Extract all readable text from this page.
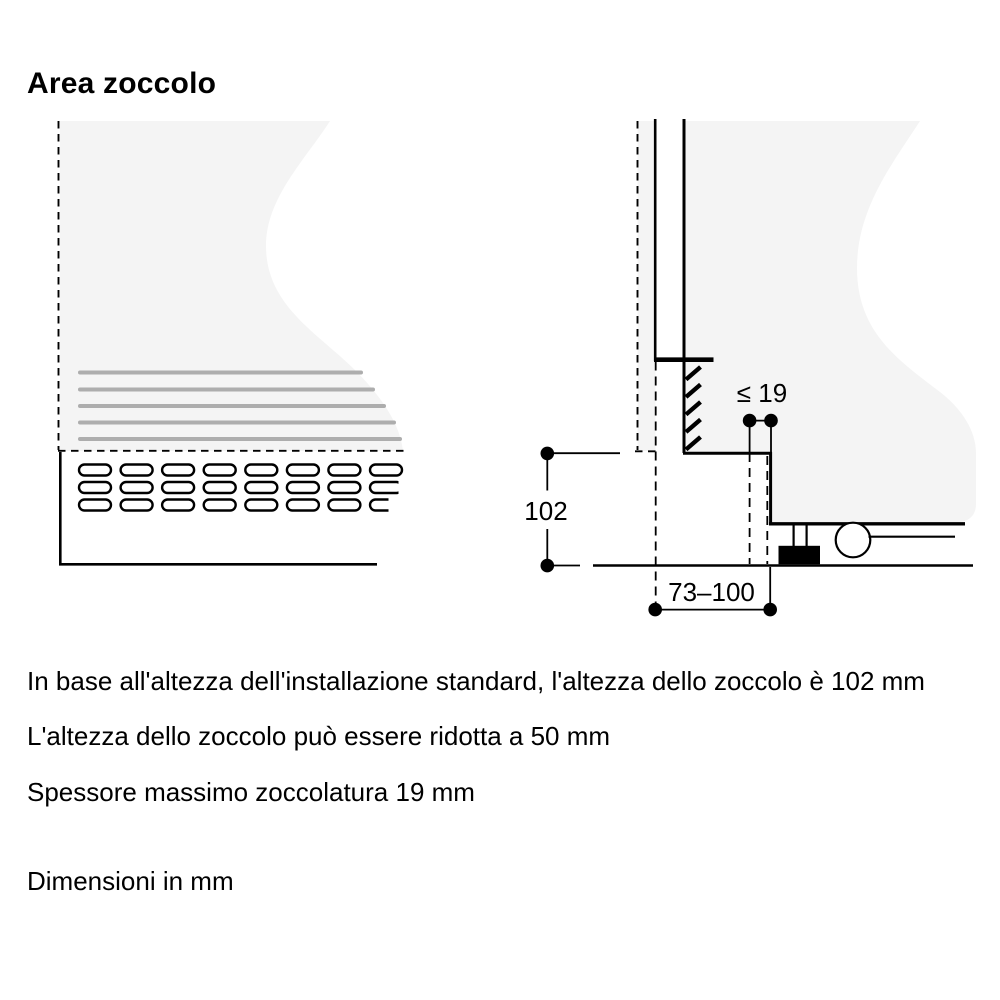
Area zoccolo
102
≤ 19
73–100
In base all'altezza dell'installazione standard, l'altezza dello zoccolo è 102 mm
L'altezza dello zoccolo può essere ridotta a 50 mm
Spessore massimo zoccolatura 19 mm
Dimensioni in mm
